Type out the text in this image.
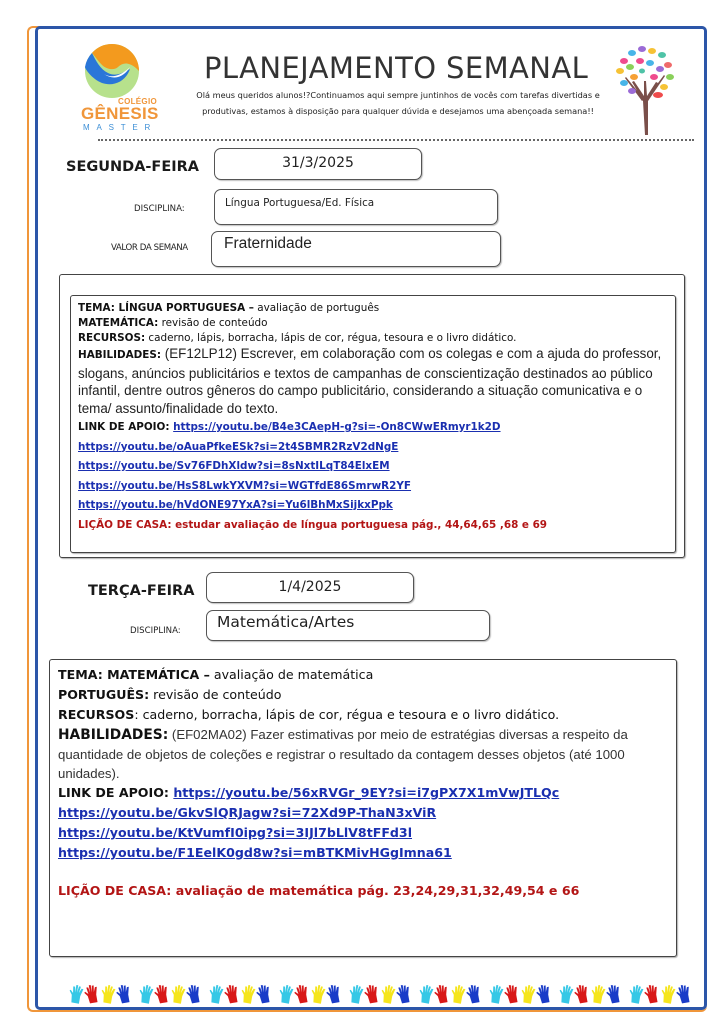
COLÉGIO
GÊNESIS
MASTER
PLANEJAMENTO SEMANAL
Olá meus queridos alunos!?Continuamos aqui sempre juntinhos de vocês com tarefas divertidas e produtivas, estamos à disposição para qualquer dúvida e desejamos uma abençoada semana!!
SEGUNDA-FEIRA	31/3/2025
DISCIPLINA:	Língua Portuguesa/Ed. Física
VALOR DA SEMANA	Fraternidade
TEMA: LÍNGUA PORTUGUESA – avaliação de português
MATEMÁTICA: revisão de conteúdo
RECURSOS: caderno, lápis, borracha, lápis de cor, régua, tesoura e o livro didático.
HABILIDADES: (EF12LP12) Escrever, em colaboração com os colegas e com a ajuda do professor, slogans, anúncios publicitários e textos de campanhas de conscientização destinados ao público infantil, dentre outros gêneros do campo publicitário, considerando a situação comunicativa e o tema/ assunto/finalidade do texto.
LINK DE APOIO: https://youtu.be/B4e3CAepH-g?si=-On8CWwERmyr1k2D
https://youtu.be/oAuaPfkeESk?si=2t4SBMR2RzV2dNgE
https://youtu.be/Sv76FDhXldw?si=8sNxtILqT84ElxEM
https://youtu.be/HsS8LwkYXVM?si=WGTfdE86SmrwR2YF
https://youtu.be/hVdONE97YxA?si=Yu6lBhMxSijkxPpk
LIÇÃO DE CASA: estudar avaliação de língua portuguesa pág., 44,64,65 ,68 e 69
TERÇA-FEIRA	1/4/2025
DISCIPLINA:	Matemática/Artes
TEMA: MATEMÁTICA – avaliação de matemática
PORTUGUÊS: revisão de conteúdo
RECURSOS: caderno, borracha, lápis de cor, régua e tesoura e o livro didático.
HABILIDADES: (EF02MA02) Fazer estimativas por meio de estratégias diversas a respeito da quantidade de objetos de coleções e registrar o resultado da contagem desses objetos (até 1000 unidades).
LINK DE APOIO: https://youtu.be/56xRVGr_9EY?si=i7gPX7X1mVwJTLQc
https://youtu.be/GkvSlQRJagw?si=72Xd9P-ThaN3xViR
https://youtu.be/KtVumfI0ipg?si=3IJl7bLlV8tFFd3l
https://youtu.be/F1EelK0gd8w?si=mBTKMivHGgImna61
LIÇÃO DE CASA: avaliação de matemática pág. 23,24,29,31,32,49,54 e 66
